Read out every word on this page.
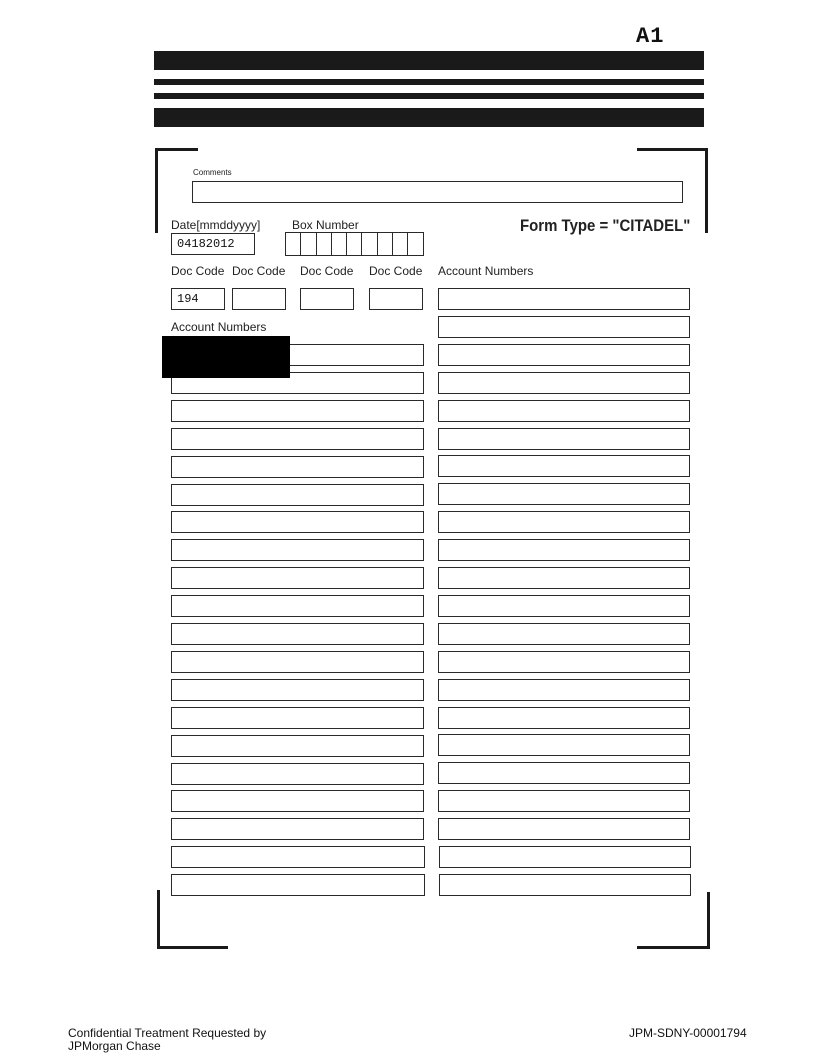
A1
Comments
Date[mmddyyyy]
04182012
Box Number	Form Type = "CITADEL"
Doc Code Doc Code Doc Code Doc Code Account Numbers
194
Account Numbers
Confidential Treatment Requested by
JPMorgan Chase
JPM-SDNY-00001794
